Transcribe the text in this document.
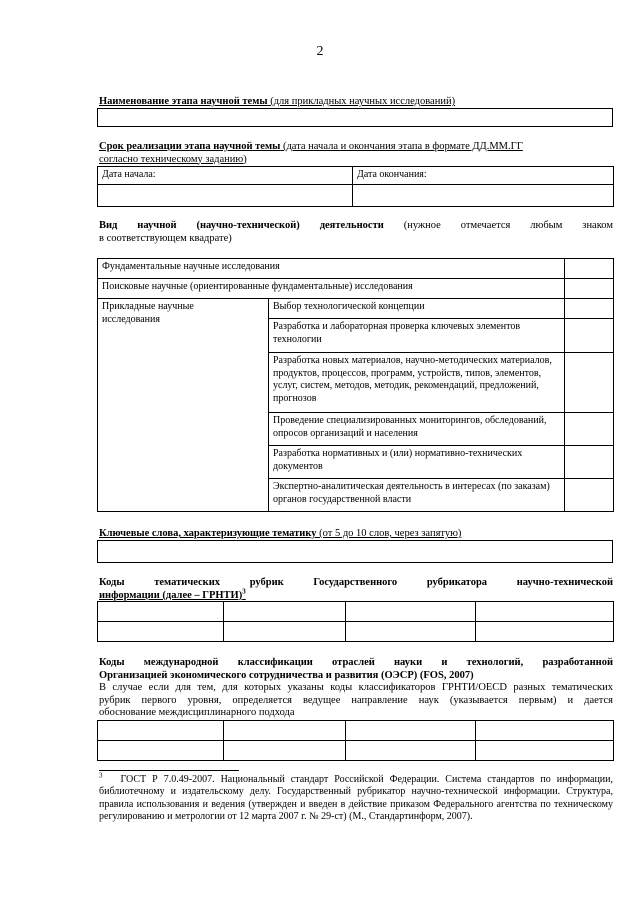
2
Наименование этапа научной темы (для прикладных научных исследований)
Срок реализации этапа научной темы (дата начала и окончания этапа в формате ДД.ММ.ГГ
согласно техническому заданию)
Дата начала:	Дата окончания:

Вид научной (научно-технической) деятельности (нужное отмечается любым знаком
в соответствующем квадрате)
Фундаментальные научные исследования		
Поисковые научные (ориентированные фундаментальные) исследования		
Прикладные научные исследования	Выбор технологической концепции	
	Разработка и лабораторная проверка ключевых элементов технологии	
	Разработка новых материалов, научно-методических материалов, продуктов, процессов, программ, устройств, типов, элементов, услуг, систем, методов, методик, рекомендаций, предложений, прогнозов	
	Проведение специализированных мониторингов, обследований, опросов организаций и населения	
	Разработка нормативных и (или) нормативно-технических документов	
	Экспертно-аналитическая деятельность в интересах (по заказам) органов государственной власти	
Ключевые слова, характеризующие тематику (от 5 до 10 слов, через запятую)
Коды тематических рубрик Государственного рубрикатора научно-технической
информации (далее – ГРНТИ)$^3$

Коды международной классификации отраслей науки и технологий, разработанной
Организацией экономического сотрудничества и развития (ОЭСР) (FOS, 2007)
В случае если для тем, для которых указаны коды классификаторов ГРНТИ/OECD разных тематических
рубрик первого уровня, определяется ведущее направление наук (указывается первым) и дается
обоснование междисциплинарного подхода

$^3$ ГОСТ Р 7.0.49-2007. Национальный стандарт Российской Федерации. Система стандартов по информации, библиотечному и издательскому делу. Государственный рубрикатор научно-технической информации. Структура, правила использования и ведения (утвержден и введен в действие приказом Федерального агентства по техническому регулированию и метрологии от 12 марта 2007 г. № 29-ст) (М., Стандартинформ, 2007).
